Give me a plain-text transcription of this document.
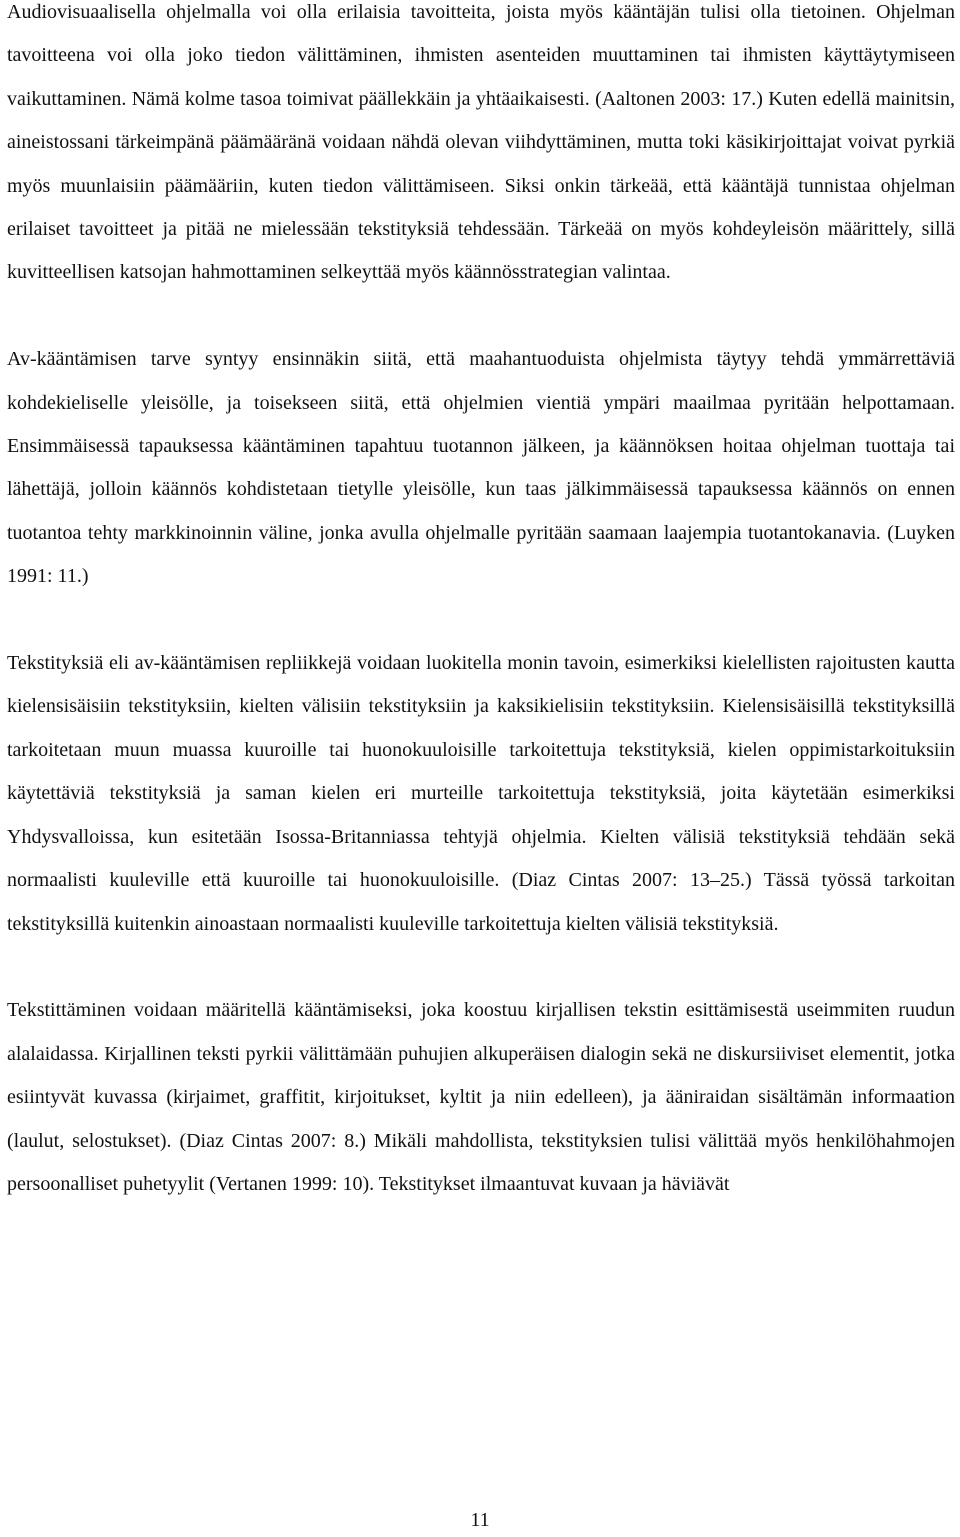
Audiovisuaalisella ohjelmalla voi olla erilaisia tavoitteita, joista myös kääntäjän tulisi olla tietoinen. Ohjelman tavoitteena voi olla joko tiedon välittäminen, ihmisten asenteiden muuttaminen tai ihmisten käyttäytymiseen vaikuttaminen. Nämä kolme tasoa toimivat päällekkäin ja yhtäaikaisesti. (Aaltonen 2003: 17.) Kuten edellä mainitsin, aineistossani tärkeimpänä päämääränä voidaan nähdä olevan viihdyttäminen, mutta toki käsikirjoittajat voivat pyrkiä myös muunlaisiin päämääriin, kuten tiedon välittämiseen. Siksi onkin tärkeää, että kääntäjä tunnistaa ohjelman erilaiset tavoitteet ja pitää ne mielessään tekstityksiä tehdessään. Tärkeää on myös kohdeyleisön määrittely, sillä kuvitteellisen katsojan hahmottaminen selkeyttää myös käännösstrategian valintaa.

Av-kääntämisen tarve syntyy ensinnäkin siitä, että maahantuoduista ohjelmista täytyy tehdä ymmärrettäviä kohdekieliselle yleisölle, ja toisekseen siitä, että ohjelmien vientiä ympäri maailmaa pyritään helpottamaan. Ensimmäisessä tapauksessa kääntäminen tapahtuu tuotannon jälkeen, ja käännöksen hoitaa ohjelman tuottaja tai lähettäjä, jolloin käännös kohdistetaan tietylle yleisölle, kun taas jälkimmäisessä tapauksessa käännös on ennen tuotantoa tehty markkinoinnin väline, jonka avulla ohjelmalle pyritään saamaan laajempia tuotantokanavia. (Luyken 1991: 11.)

Tekstityksiä eli av-kääntämisen repliikkejä voidaan luokitella monin tavoin, esimerkiksi kielellisten rajoitusten kautta kielensisäisiin tekstityksiin, kielten välisiin tekstityksiin ja kaksikielisiin tekstityksiin. Kielensisäisillä tekstityksillä tarkoitetaan muun muassa kuuroille tai huonokuuloisille tarkoitettuja tekstityksiä, kielen oppimistarkoituksiin käytettäviä tekstityksiä ja saman kielen eri murteille tarkoitettuja tekstityksiä, joita käytetään esimerkiksi Yhdysvalloissa, kun esitetään Isossa-Britanniassa tehtyjä ohjelmia. Kielten välisiä tekstityksiä tehdään sekä normaalisti kuuleville että kuuroille tai huonokuuloisille. (Diaz Cintas 2007: 13–25.) Tässä työssä tarkoitan tekstityksillä kuitenkin ainoastaan normaalisti kuuleville tarkoitettuja kielten välisiä tekstityksiä.

Tekstittäminen voidaan määritellä kääntämiseksi, joka koostuu kirjallisen tekstin esittämisestä useimmiten ruudun alalaidassa. Kirjallinen teksti pyrkii välittämään puhujien alkuperäisen dialogin sekä ne diskursiiviset elementit, jotka esiintyvät kuvassa (kirjaimet, graffitit, kirjoitukset, kyltit ja niin edelleen), ja ääniraidan sisältämän informaation (laulut, selostukset). (Diaz Cintas 2007: 8.) Mikäli mahdollista, tekstityksien tulisi välittää myös henkilöhahmojen persoonalliset puhetyylit (Vertanen 1999: 10). Tekstitykset ilmaantuvat kuvaan ja häviävät

11
